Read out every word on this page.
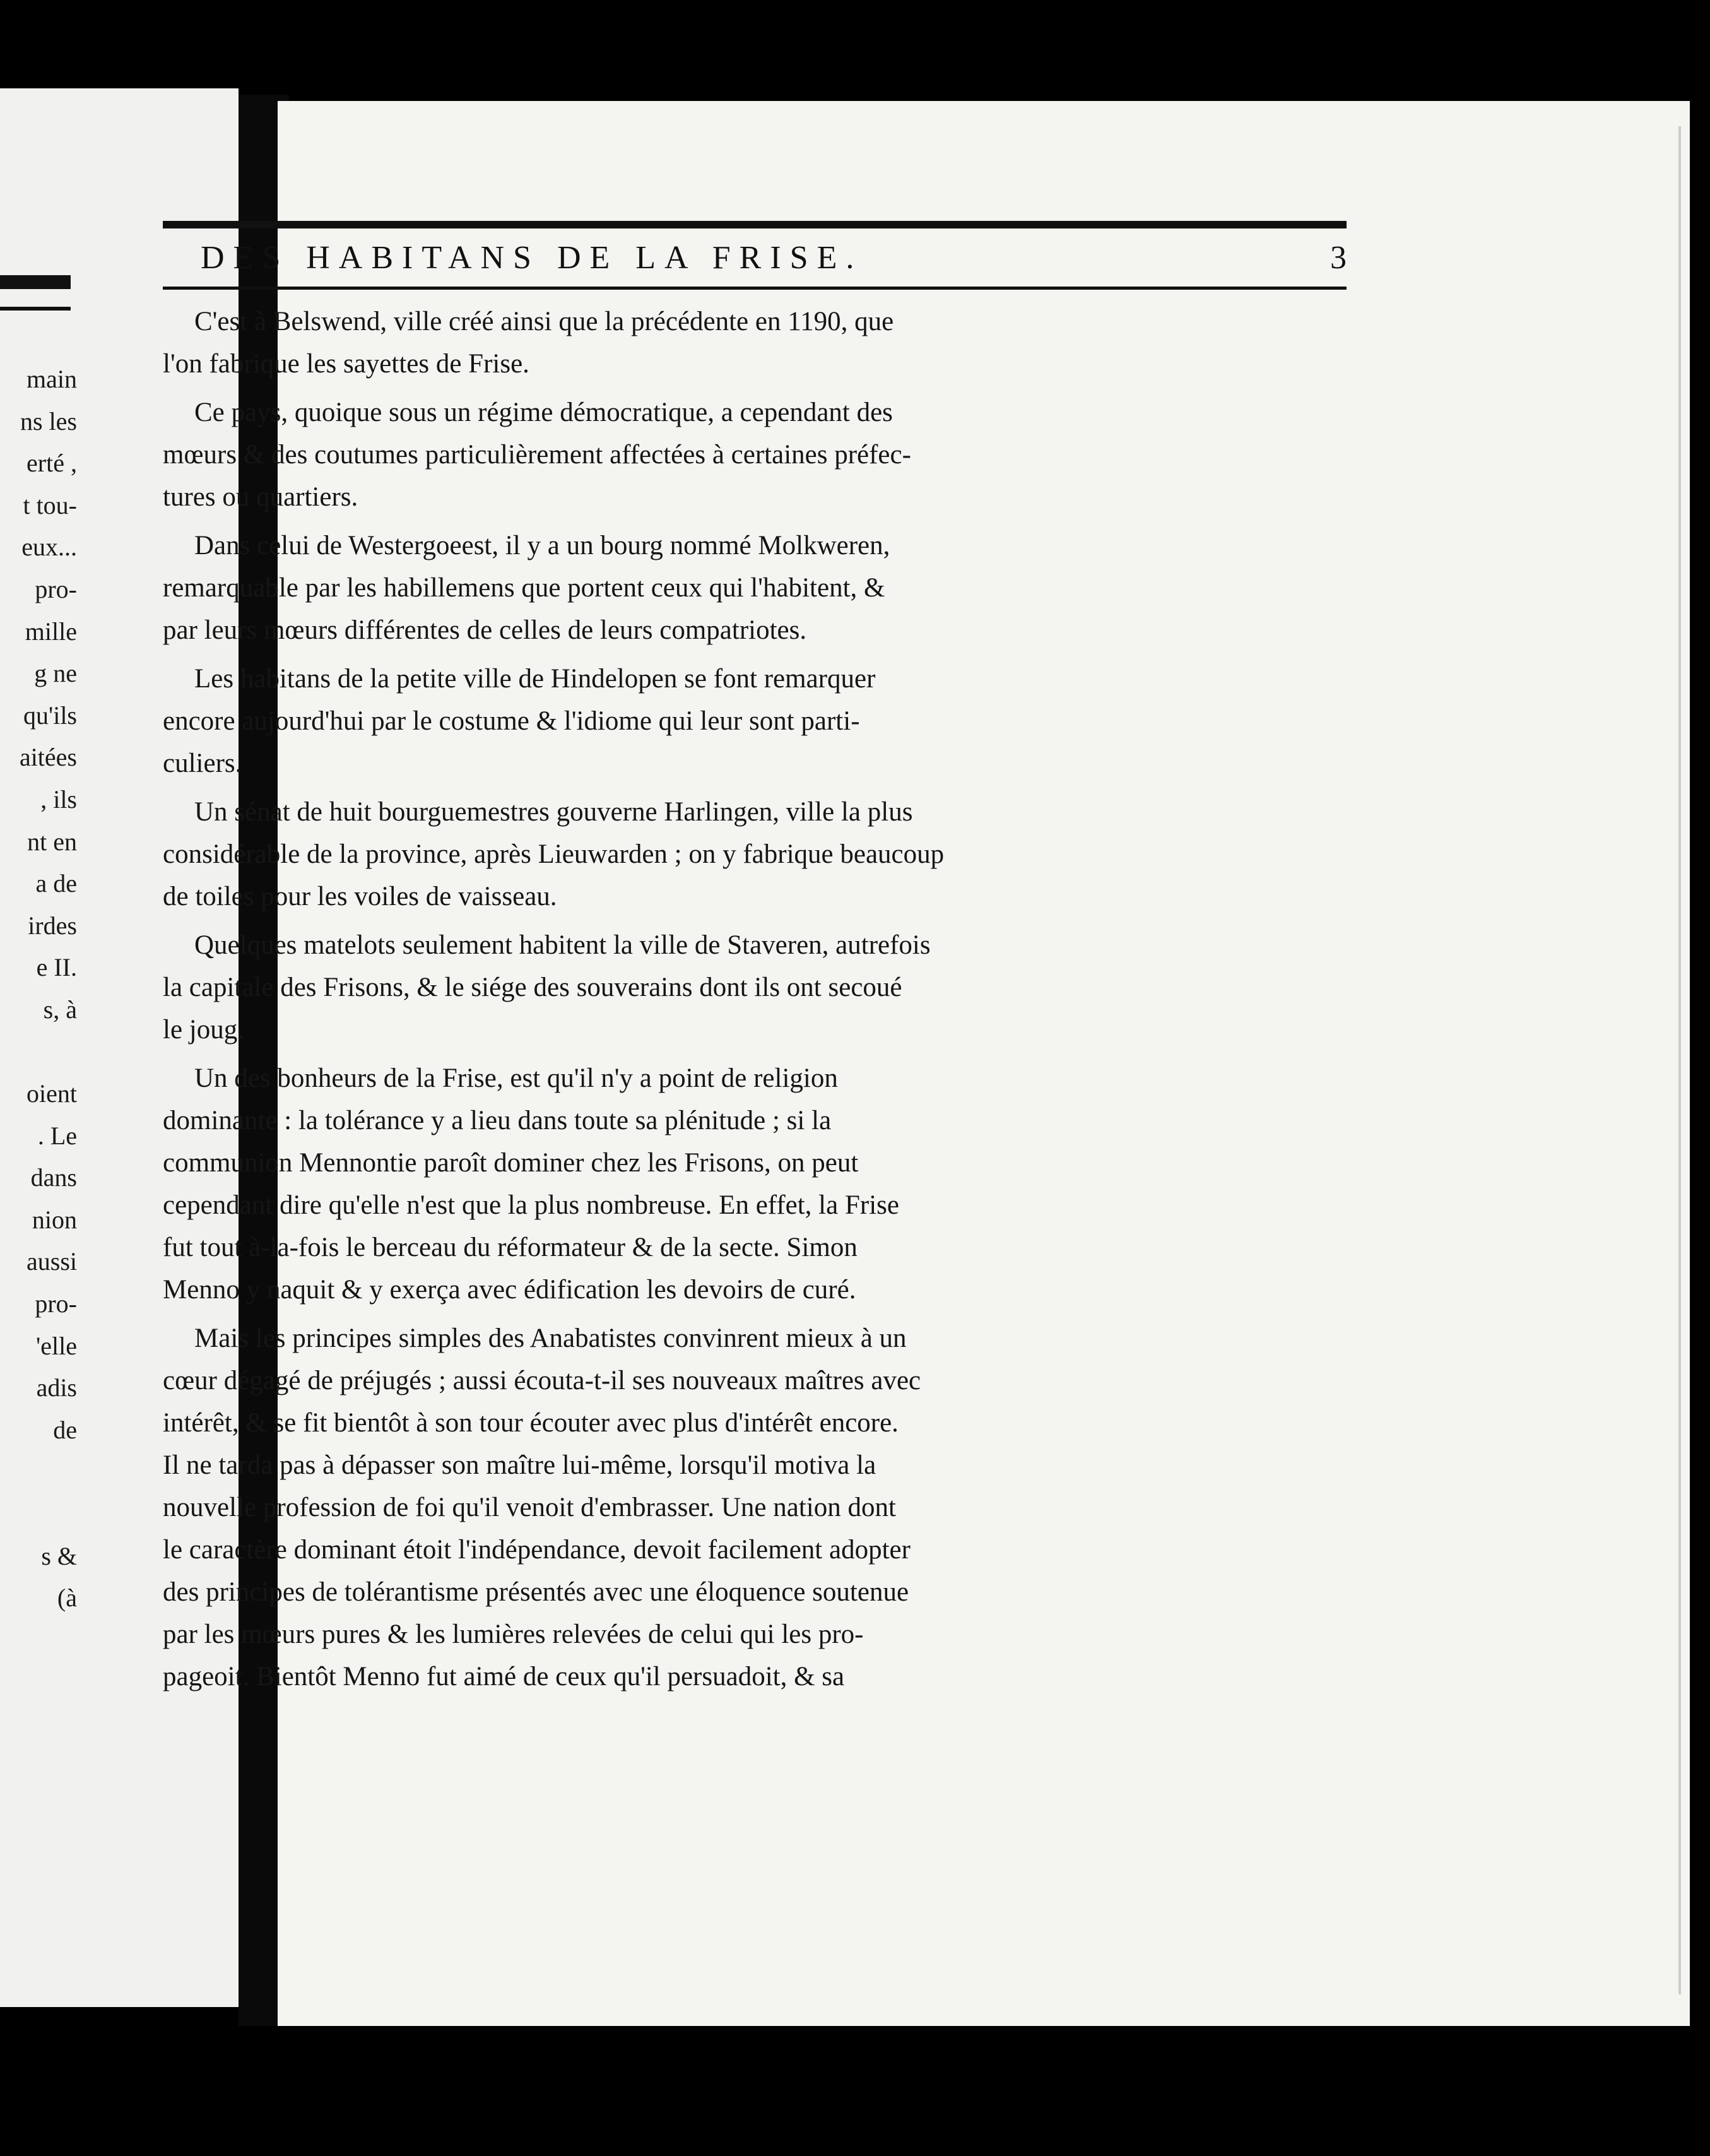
main
ns les
erté ,
t tou-
eux...
pro-
mille
g ne
qu'ils
aitées
, ils
nt en
a de
irdes
e II.
s, à
oient
. Le
dans
nion
aussi
pro-
'elle
adis
de
s &
(à
DES HABITANS DE LA FRISE.	3
C'est à Belswend, ville créé ainsi que la précédente en 1190, que
l'on fabrique les sayettes de Frise.
Ce pays, quoique sous un régime démocratique, a cependant des
mœurs & des coutumes particulièrement affectées à certaines préfec-
tures ou quartiers.
Dans celui de Westergoeest, il y a un bourg nommé Molkweren,
remarquable par les habillemens que portent ceux qui l'habitent, &
par leurs mœurs différentes de celles de leurs compatriotes.
Les habitans de la petite ville de Hindelopen se font remarquer
encore aujourd'hui par le costume & l'idiome qui leur sont parti-
culiers.
Un sénat de huit bourguemestres gouverne Harlingen, ville la plus
considérable de la province, après Lieuwarden ; on y fabrique beaucoup
de toiles pour les voiles de vaisseau.
Quelques matelots seulement habitent la ville de Staveren, autrefois
la capitale des Frisons, & le siége des souverains dont ils ont secoué
le joug.
Un des bonheurs de la Frise, est qu'il n'y a point de religion
dominante : la tolérance y a lieu dans toute sa plénitude ; si la
communion Mennontie paroît dominer chez les Frisons, on peut
cependant dire qu'elle n'est que la plus nombreuse. En effet, la Frise
fut tout à-la-fois le berceau du réformateur & de la secte. Simon
Menno y naquit & y exerça avec édification les devoirs de curé.
Mais les principes simples des Anabatistes convinrent mieux à un
cœur dégagé de préjugés ; aussi écouta-t-il ses nouveaux maîtres avec
intérêt, & se fit bientôt à son tour écouter avec plus d'intérêt encore.
Il ne tarda pas à dépasser son maître lui-même, lorsqu'il motiva la
nouvelle profession de foi qu'il venoit d'embrasser. Une nation dont
le caractère dominant étoit l'indépendance, devoit facilement adopter
des principes de tolérantisme présentés avec une éloquence soutenue
par les mœurs pures & les lumières relevées de celui qui les pro-
pageoit. Bientôt Menno fut aimé de ceux qu'il persuadoit, & sa
